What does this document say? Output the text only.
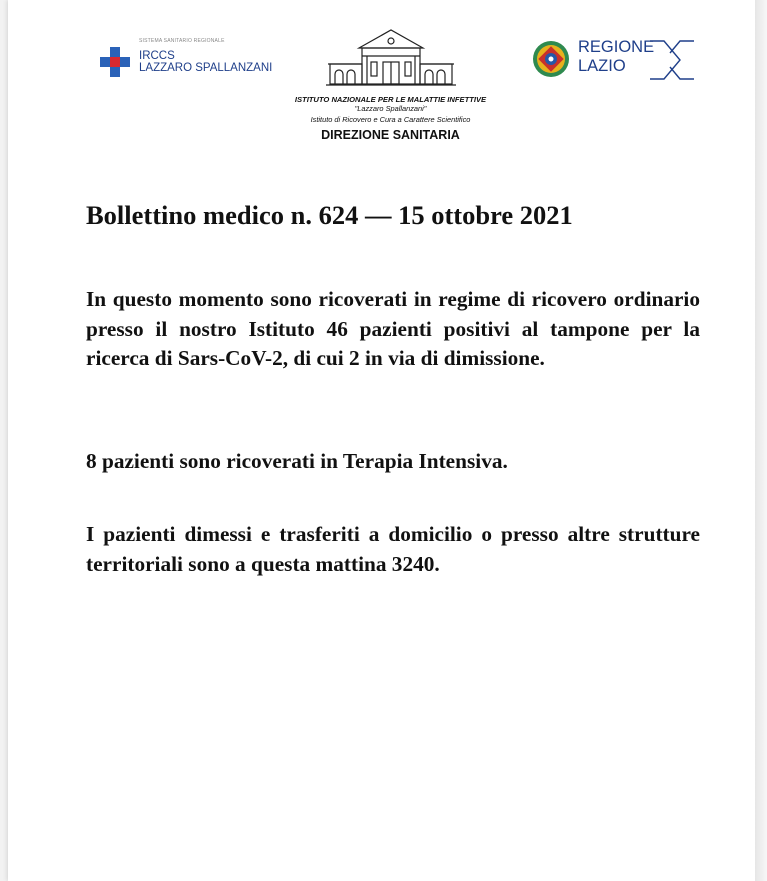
SISTEMA SANITARIO REGIONALE
IRCCS
LAZZARO SPALLANZANI
REGIONE
LAZIO
ISTITUTO NAZIONALE PER LE MALATTIE INFETTIVE
"Lazzaro Spallanzani"
Istituto di Ricovero e Cura a Carattere Scientifico
DIREZIONE SANITARIA
Bollettino medico n. 624 — 15 ottobre 2021
In questo momento sono ricoverati in regime di ricovero ordinario presso il nostro Istituto 46 pazienti positivi al tampone per la ricerca di Sars-CoV-2, di cui 2 in via di dimissione.
8 pazienti sono ricoverati in Terapia Intensiva.
I pazienti dimessi e trasferiti a domicilio o presso altre strutture territoriali sono a questa mattina 3240.
